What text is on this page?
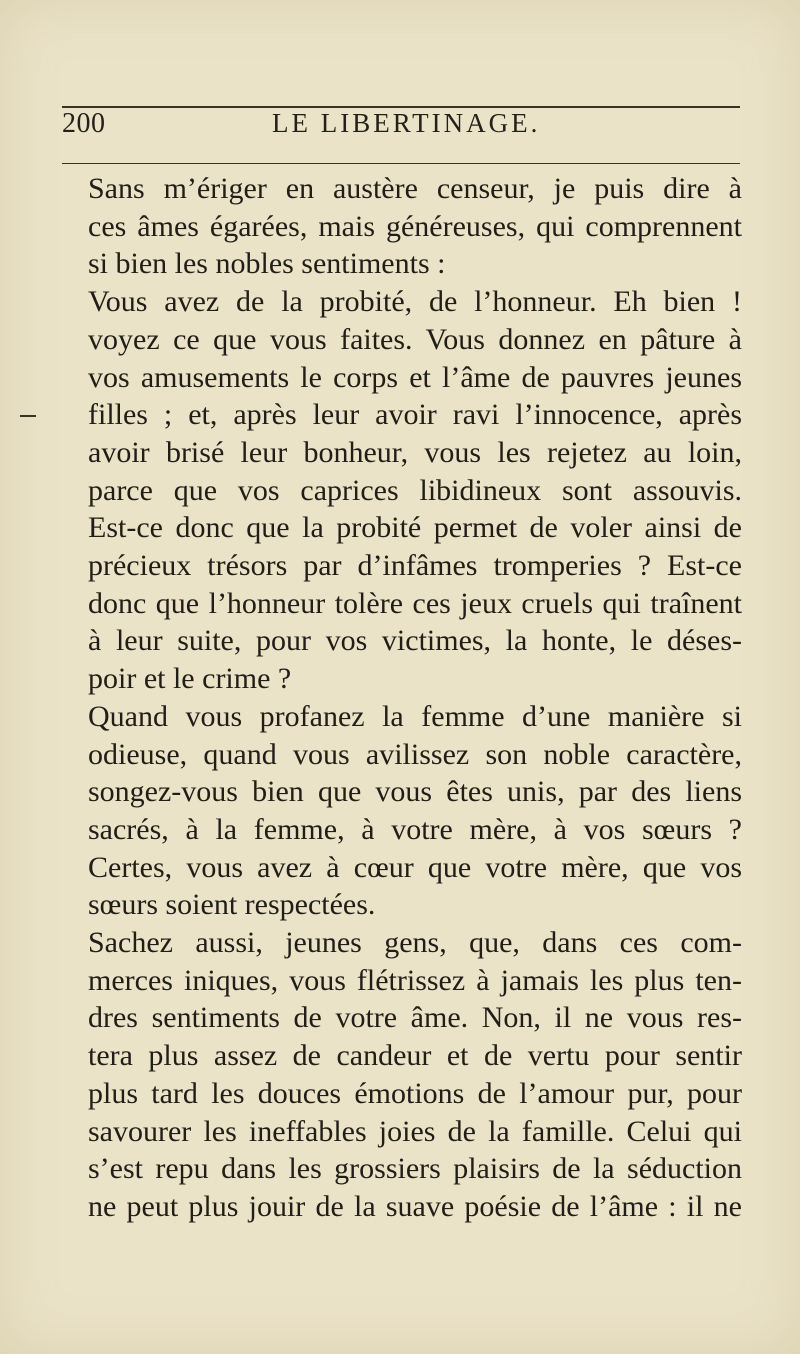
200	LE LIBERTINAGE.
Sans m’ériger en austère censeur, je puis dire à
ces âmes égarées, mais généreuses, qui comprennent
si bien les nobles sentiments :
Vous avez de la probité, de l’honneur. Eh bien !
voyez ce que vous faites. Vous donnez en pâture à
vos amusements le corps et l’âme de pauvres jeunes
filles ; et, après leur avoir ravi l’innocence, après
avoir brisé leur bonheur, vous les rejetez au loin,
parce que vos caprices libidineux sont assouvis.
Est-ce donc que la probité permet de voler ainsi de
précieux trésors par d’infâmes tromperies ? Est-ce
donc que l’honneur tolère ces jeux cruels qui traînent
à leur suite, pour vos victimes, la honte, le déses-
poir et le crime ?
Quand vous profanez la femme d’une manière si
odieuse, quand vous avilissez son noble caractère,
songez-vous bien que vous êtes unis, par des liens
sacrés, à la femme, à votre mère, à vos sœurs ?
Certes, vous avez à cœur que votre mère, que vos
sœurs soient respectées.
Sachez aussi, jeunes gens, que, dans ces com-
merces iniques, vous flétrissez à jamais les plus ten-
dres sentiments de votre âme. Non, il ne vous res-
tera plus assez de candeur et de vertu pour sentir
plus tard les douces émotions de l’amour pur, pour
savourer les ineffables joies de la famille. Celui qui
s’est repu dans les grossiers plaisirs de la séduction
ne peut plus jouir de la suave poésie de l’âme : il ne
